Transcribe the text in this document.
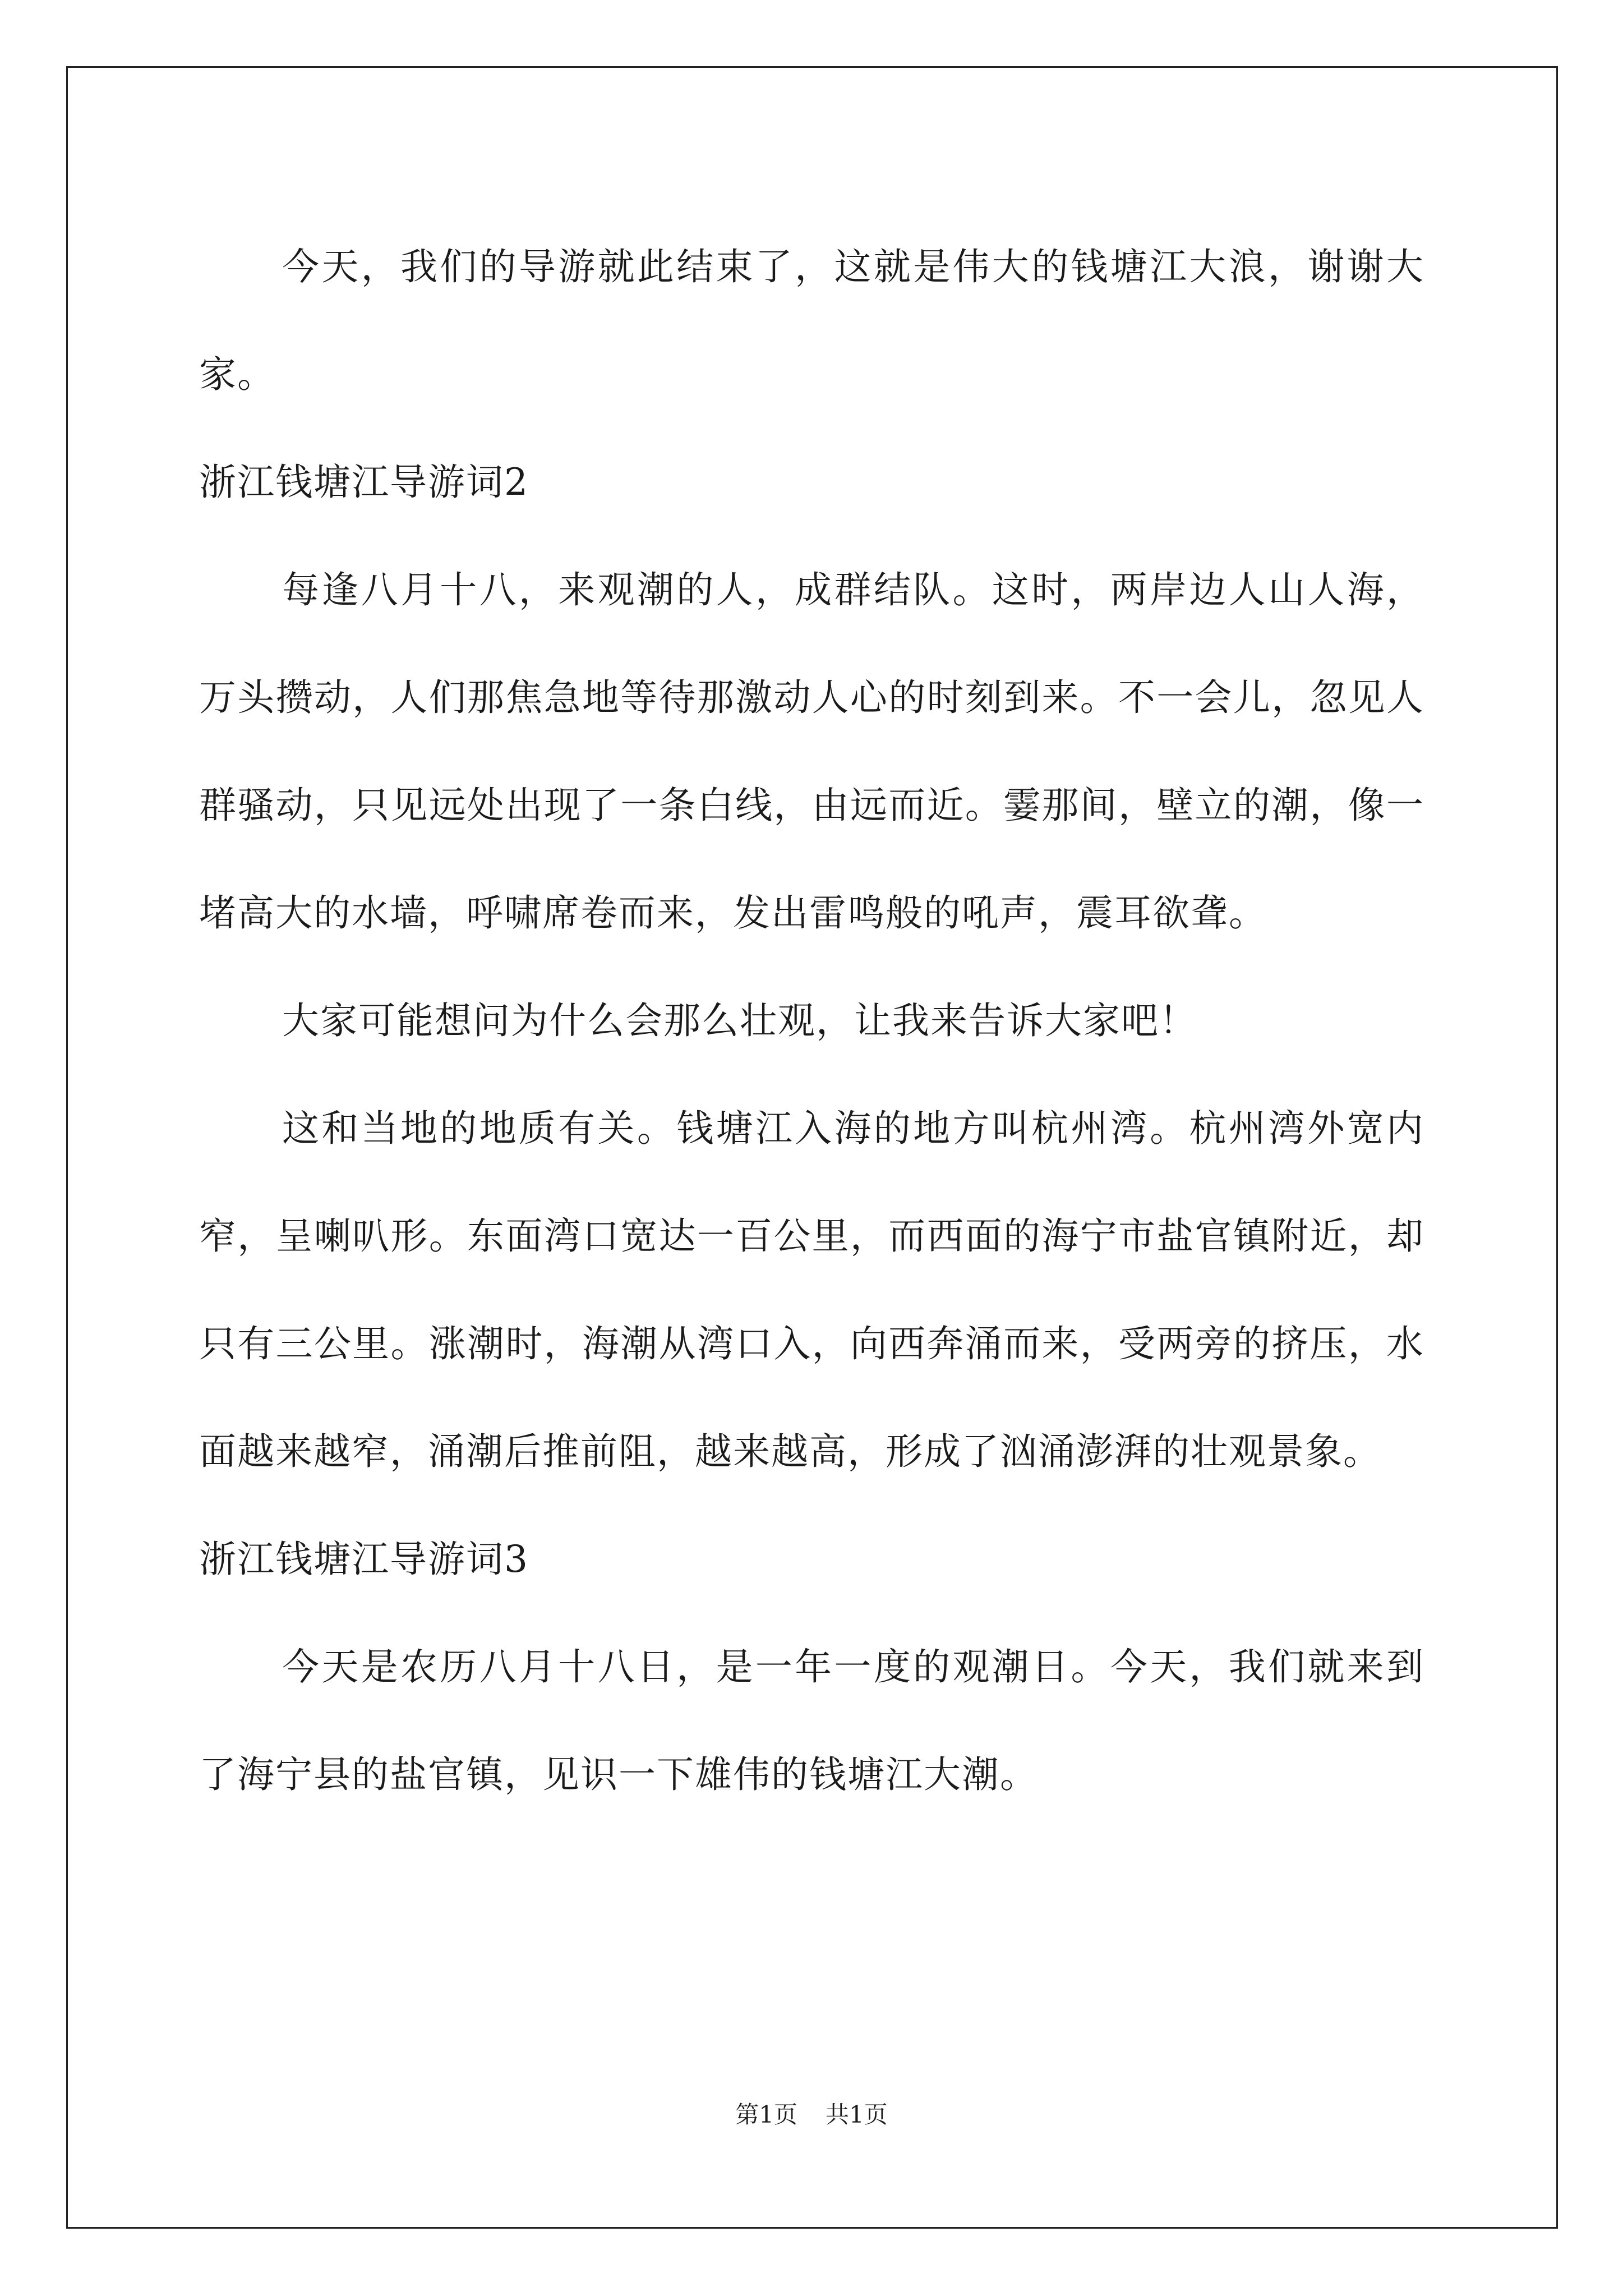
今天，我们的导游就此结束了，这就是伟大的钱塘江大浪，谢谢大家。

浙江钱塘江导游词2

每逢八月十八，来观潮的人，成群结队。这时，两岸边人山人海，万头攒动，人们那焦急地等待那激动人心的时刻到来。不一会儿，忽见人群骚动，只见远处出现了一条白线，由远而近。霎那间，壁立的潮，像一堵高大的水墙，呼啸席卷而来，发出雷鸣般的吼声，震耳欲聋。

大家可能想问为什么会那么壮观，让我来告诉大家吧！

这和当地的地质有关。钱塘江入海的地方叫杭州湾。杭州湾外宽内窄，呈喇叭形。东面湾口宽达一百公里，而西面的海宁市盐官镇附近，却只有三公里。涨潮时，海潮从湾口入，向西奔涌而来，受两旁的挤压，水面越来越窄，涌潮后推前阻，越来越高，形成了汹涌澎湃的壮观景象。

浙江钱塘江导游词3

今天是农历八月十八日，是一年一度的观潮日。今天，我们就来到了海宁县的盐官镇，见识一下雄伟的钱塘江大潮。

第1页 共1页
